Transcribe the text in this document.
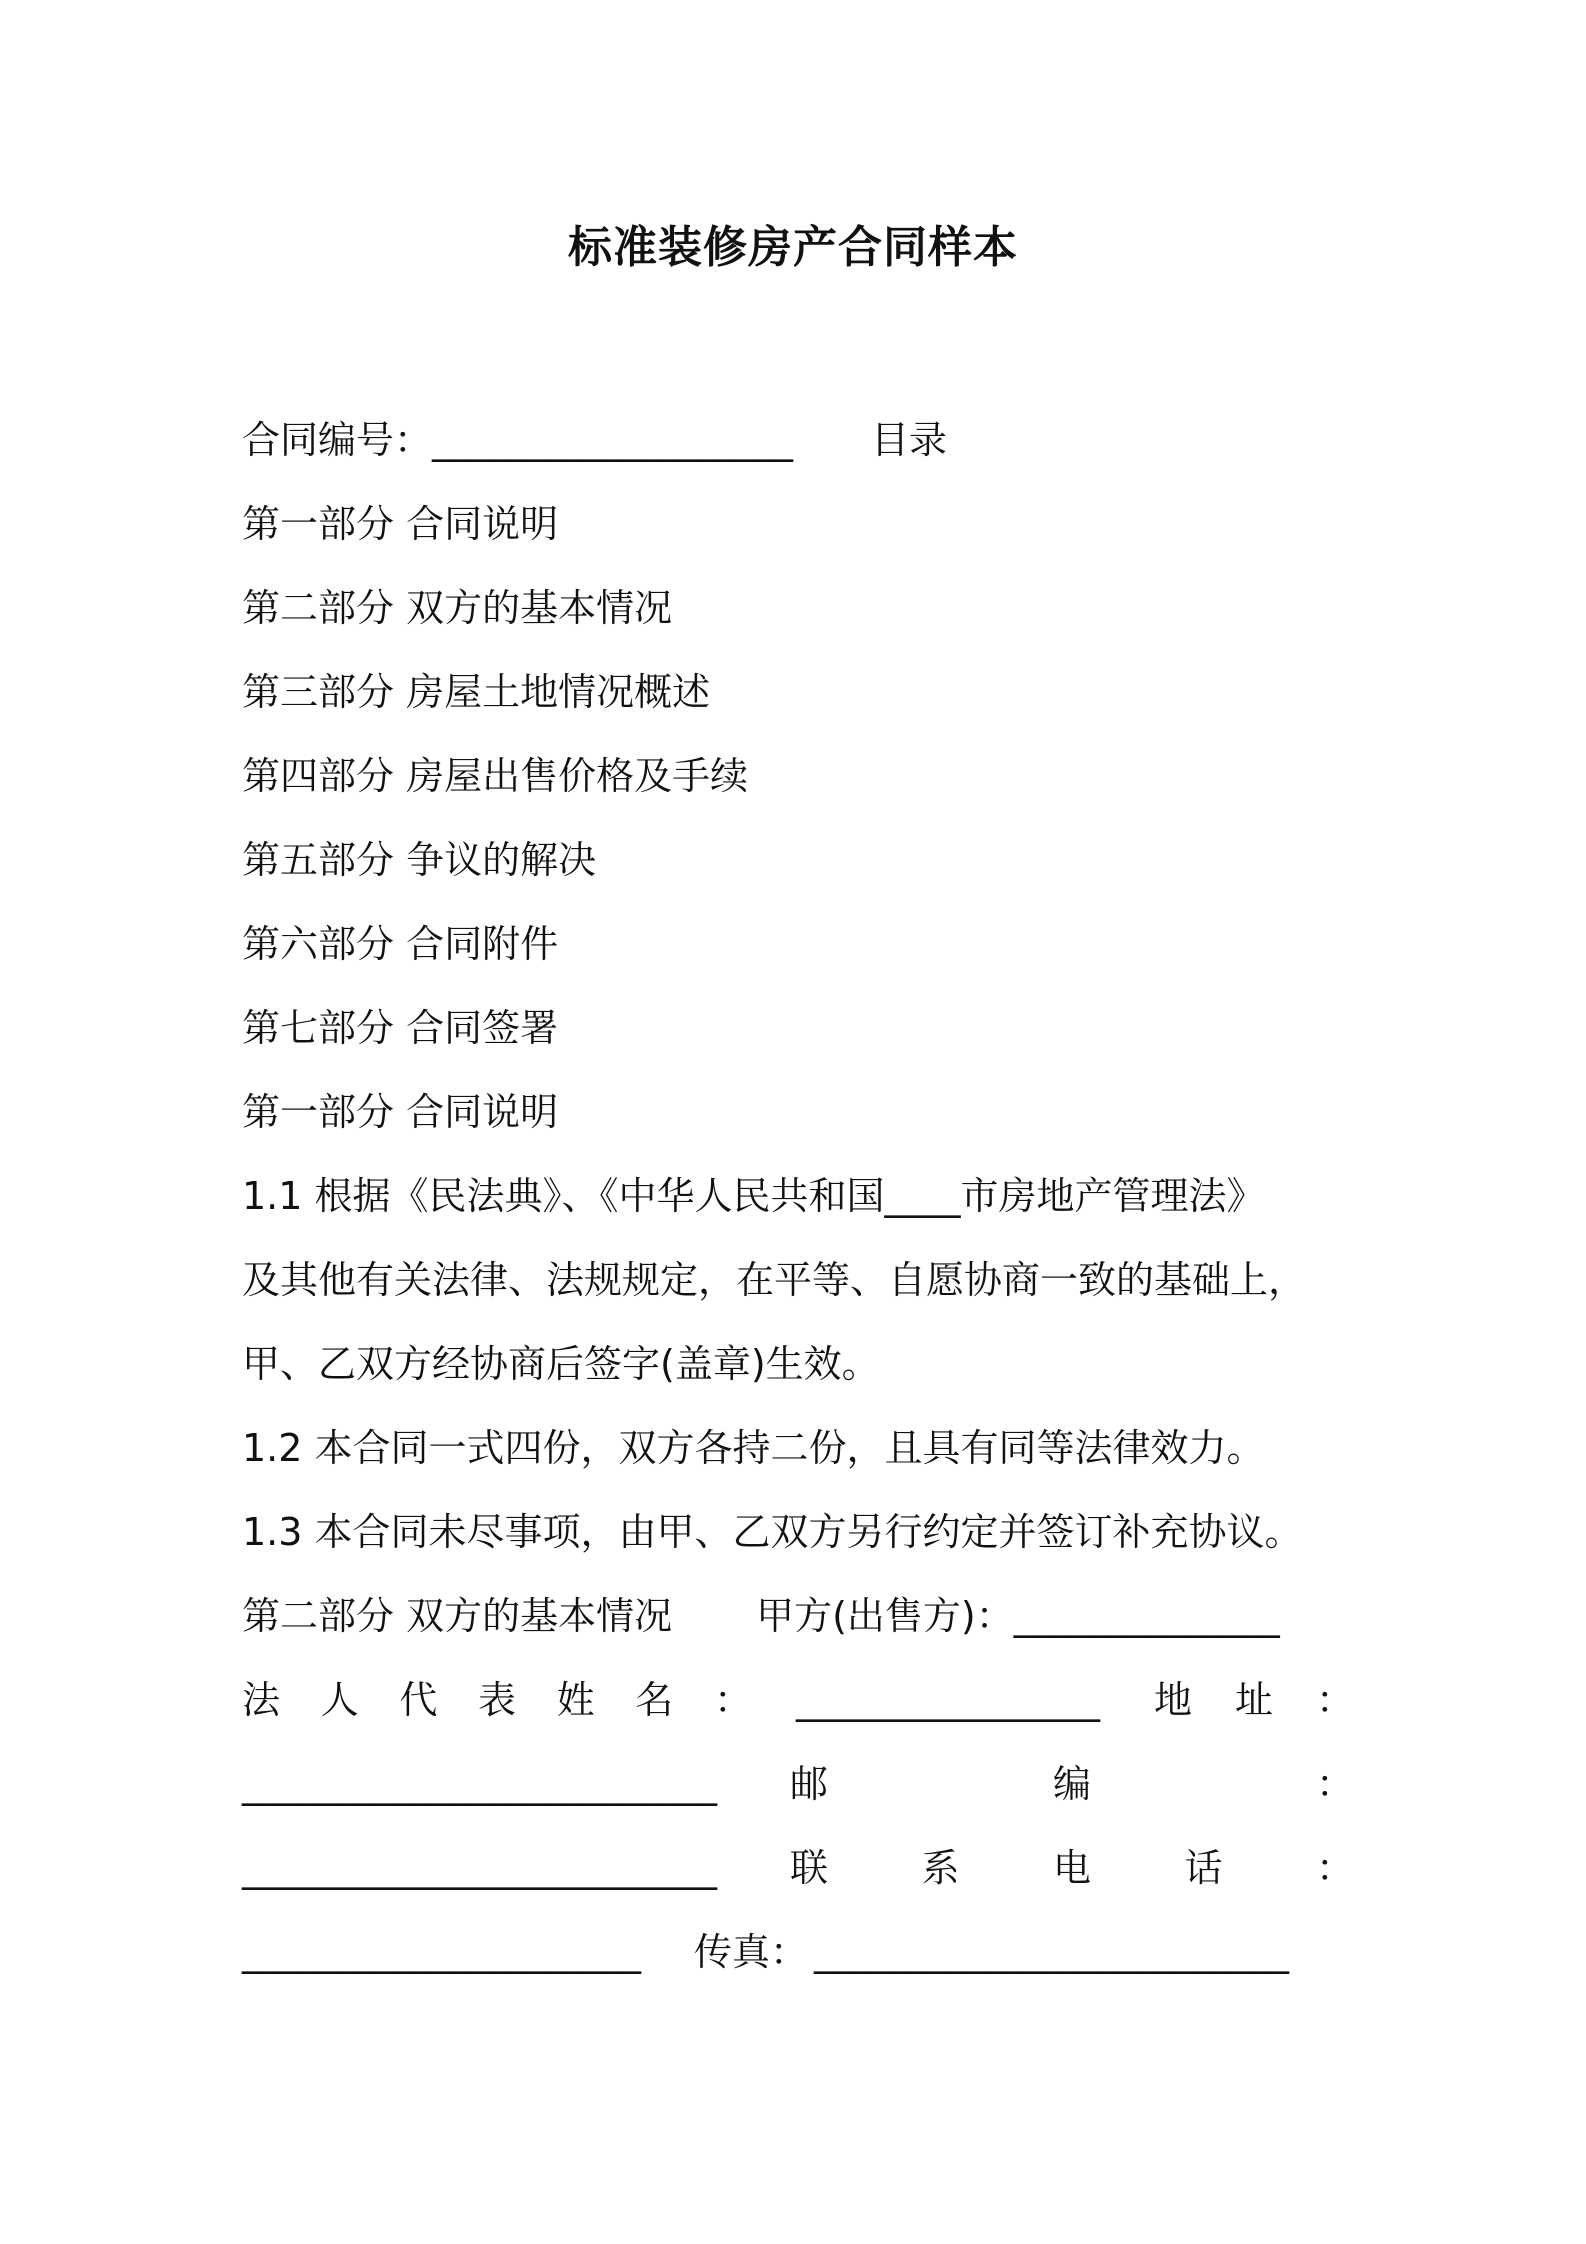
标准装修房产合同样本
合同编号：___________________ 目录
第一部分 合同说明
第二部分 双方的基本情况
第三部分 房屋土地情况概述
第四部分 房屋出售价格及手续
第五部分 争议的解决
第六部分 合同附件
第七部分 合同签署
第一部分 合同说明
1.1 根据《民法典》、《中华人民共和国____市房地产管理法》
及其他有关法律、法规规定，在平等、自愿协商一致的基础上，
甲、乙双方经协商后签字(盖章)生效。
1.2 本合同一式四份，双方各持二份，且具有同等法律效力。
1.3 本合同未尽事项，由甲、乙双方另行约定并签订补充协议。
第二部分 双方的基本情况 甲方(出售方)：______________
法 人 代 表 姓 名 ： ________________ 地 址 ：
_________________________ 邮	编	：
_________________________ 联 系 电 话 ：
_____________________ 传真： _________________________
